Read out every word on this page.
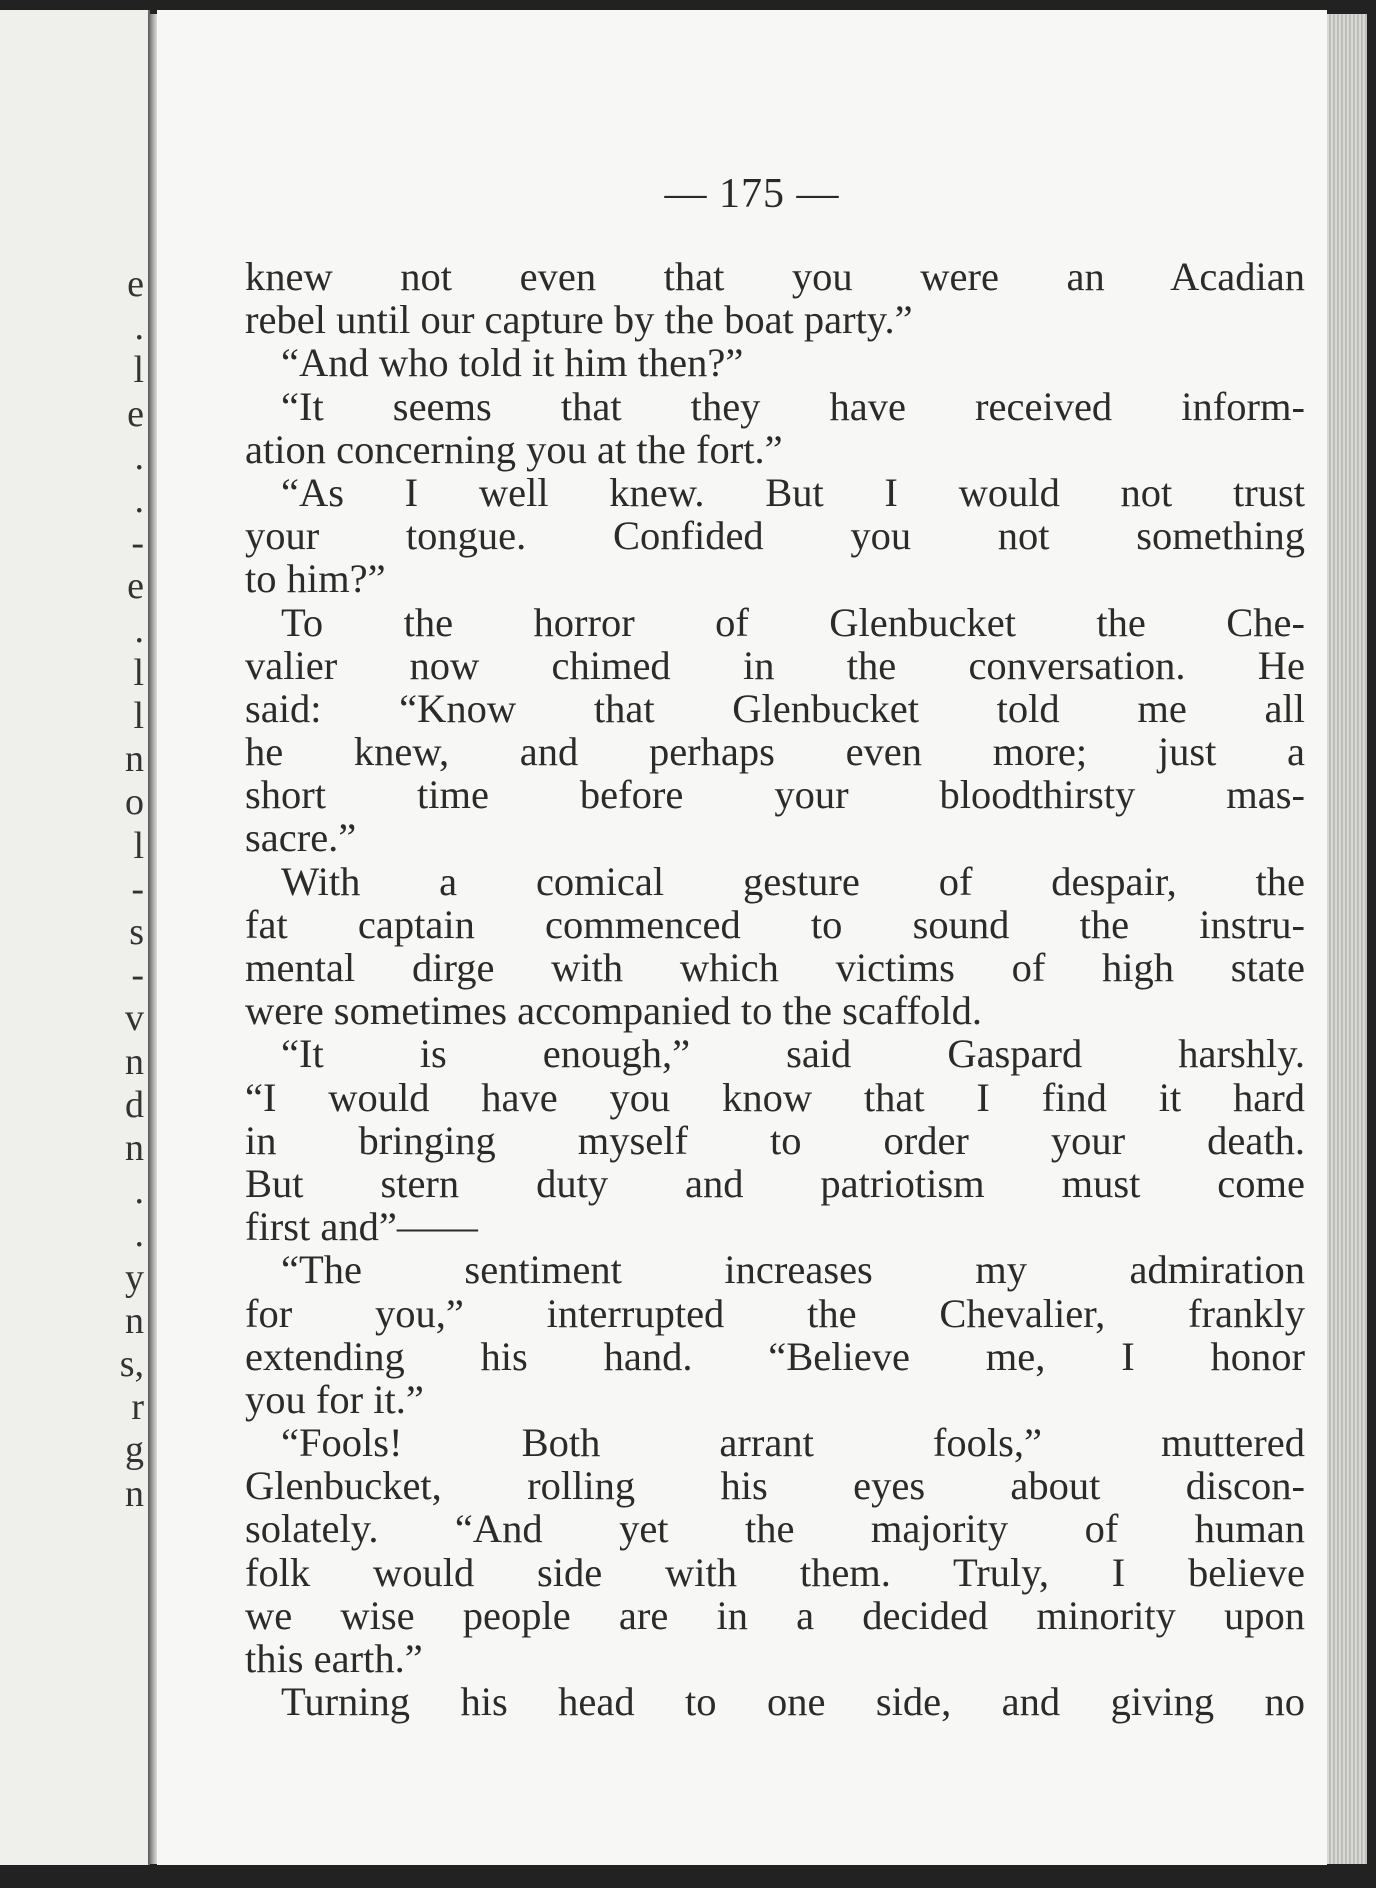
e
.
l
e
.
.
-
e
.
l
l
n
o
l
-
s
-
v
n
d
n
.
.
y
n
s,
r
g
n
— 175 —
knew not even that you were an Acadian
rebel until our capture by the boat party.”
“And who told it him then?”
“It seems that they have received inform-
ation concerning you at the fort.”
“As I well knew. But I would not trust
your tongue. Confided you not something
to him?”
To the horror of Glenbucket the Che-
valier now chimed in the conversation. He
said: “Know that Glenbucket told me all
he knew, and perhaps even more; just a
short time before your bloodthirsty mas-
sacre.”
With a comical gesture of despair, the
fat captain commenced to sound the instru-
mental dirge with which victims of high state
were sometimes accompanied to the scaffold.
“It is enough,” said Gaspard harshly.
“I would have you know that I find it hard
in bringing myself to order your death.
But stern duty and patriotism must come
first and”——
“The sentiment increases my admiration
for you,” interrupted the Chevalier, frankly
extending his hand. “Believe me, I honor
you for it.”
“Fools! Both arrant fools,” muttered
Glenbucket, rolling his eyes about discon-
solately. “And yet the majority of human
folk would side with them. Truly, I believe
we wise people are in a decided minority upon
this earth.”
Turning his head to one side, and giving no
